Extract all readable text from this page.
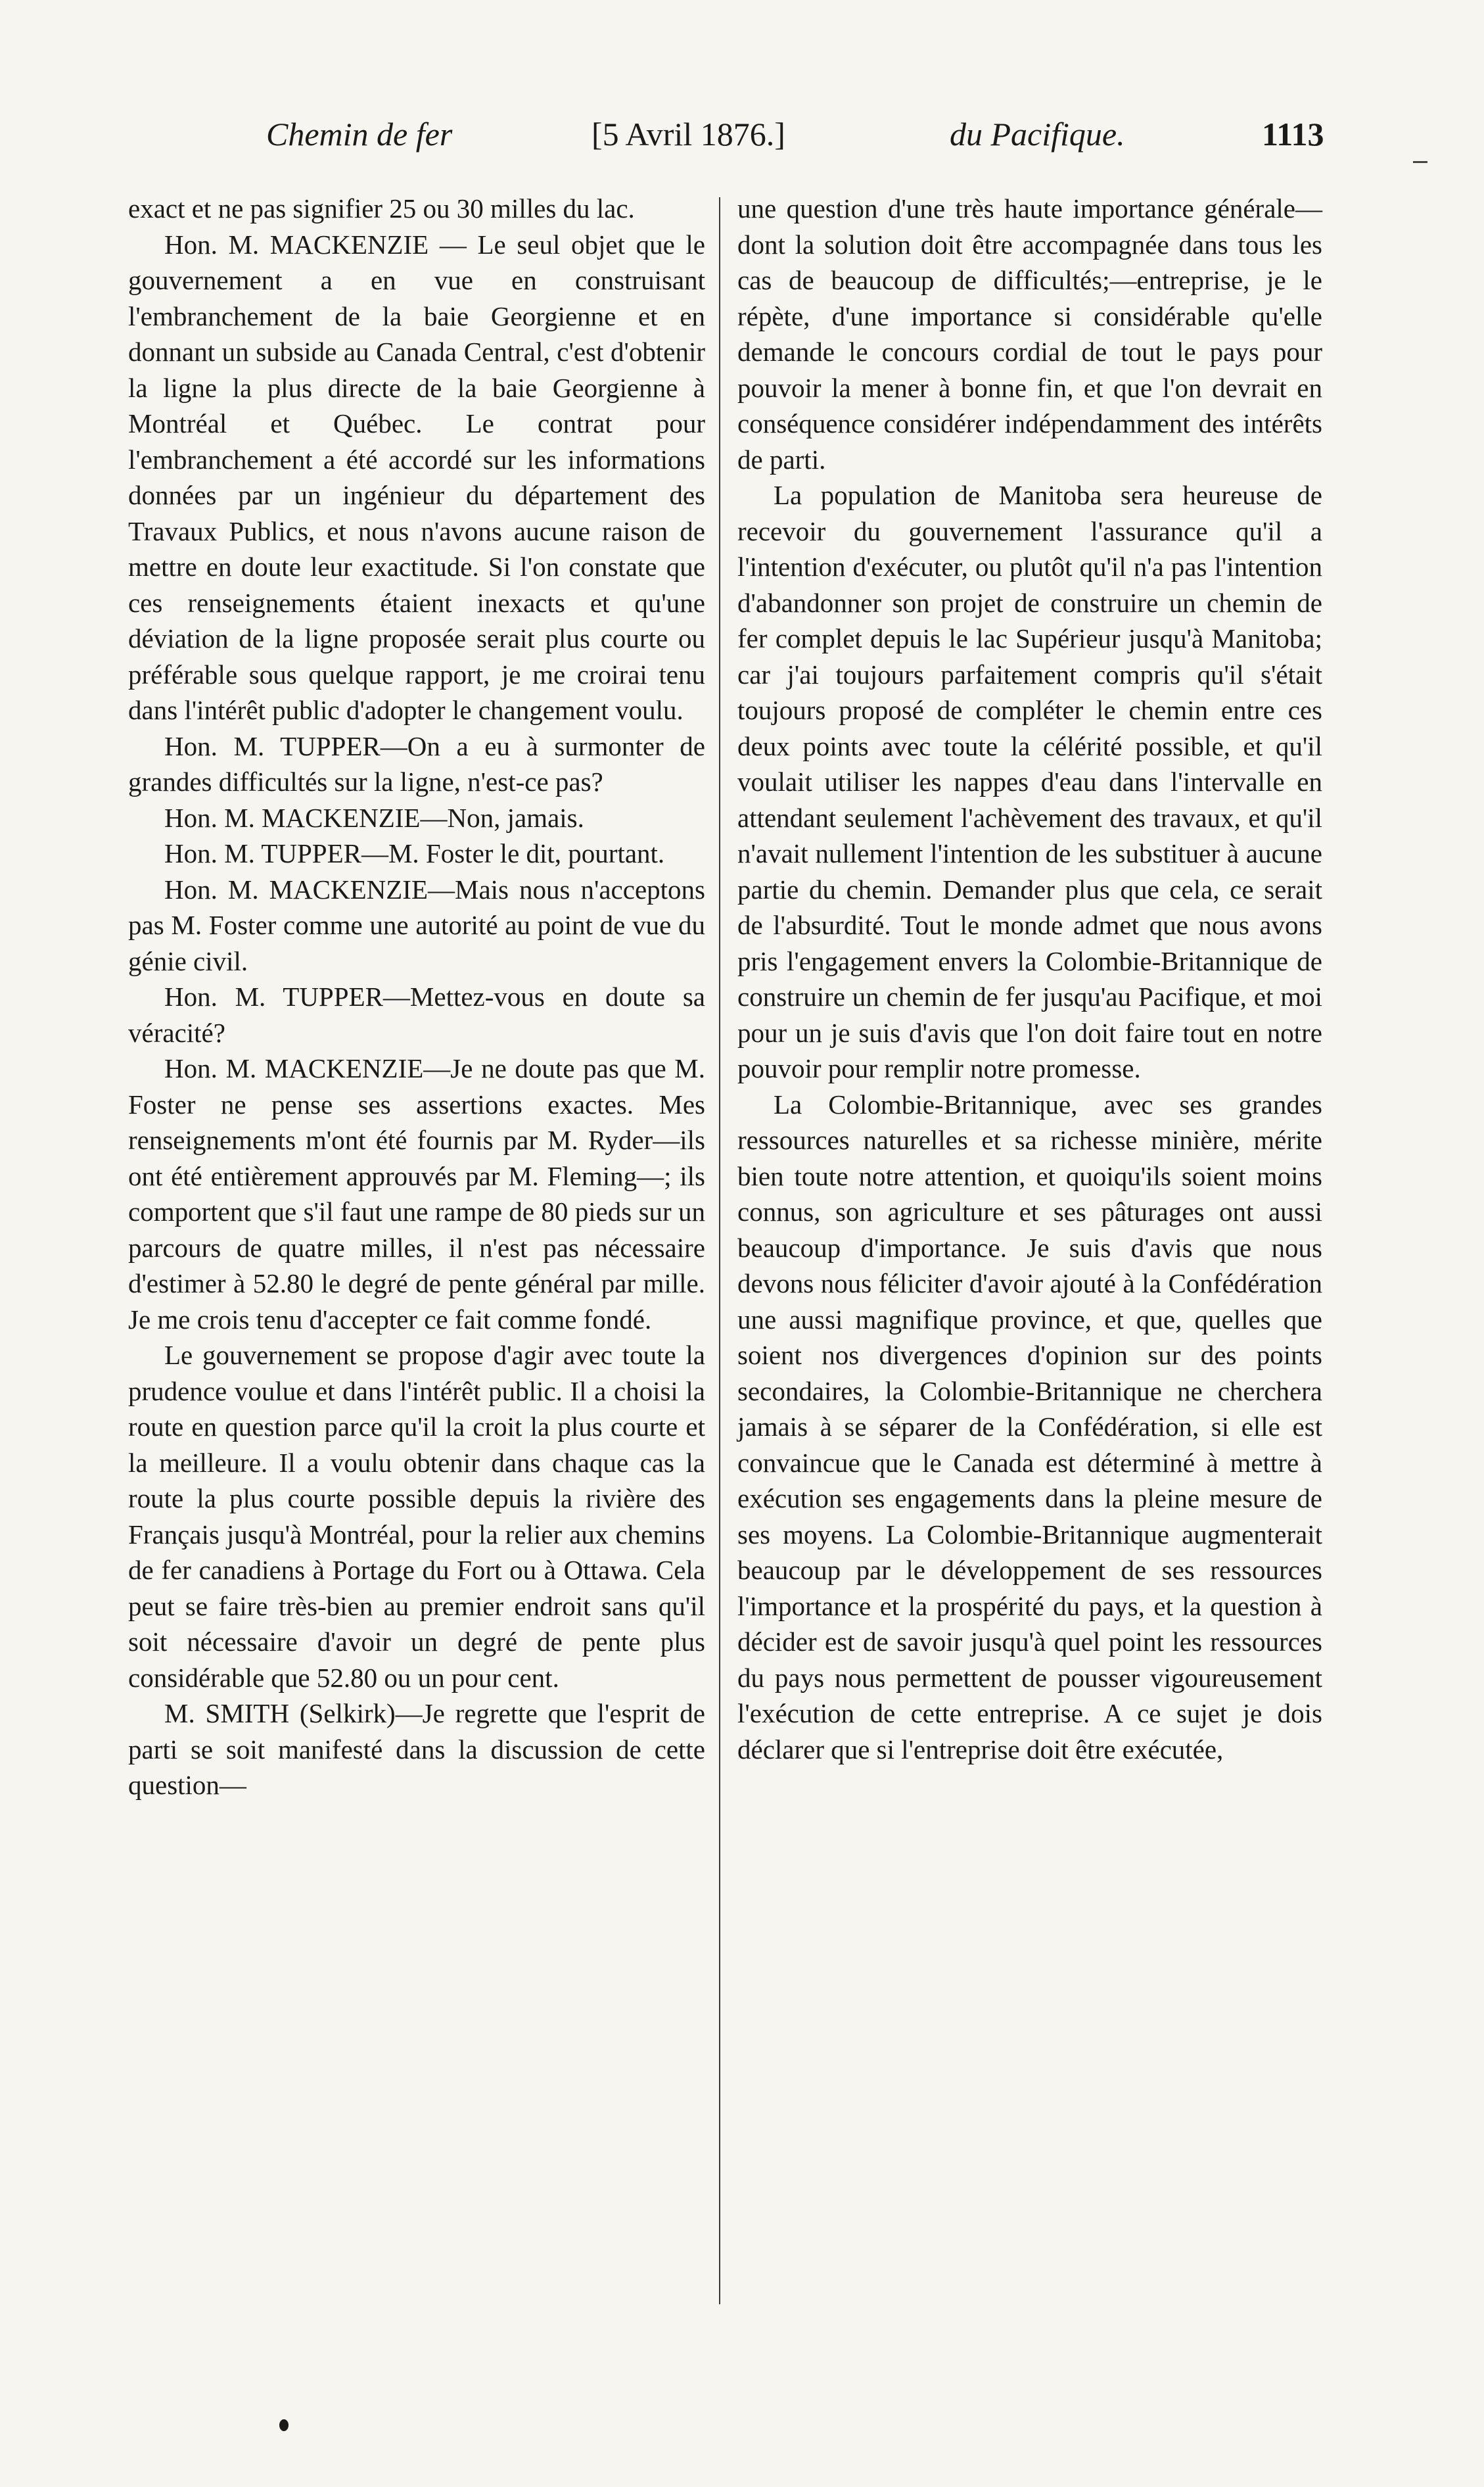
Chemin de fer	[5 Avril 1876.]	du Pacifique.	1113

exact et ne pas signifier 25 ou 30 milles du lac.

Hon. M. MACKENZIE — Le seul objet que le gouvernement a en vue en construisant l'embranchement de la baie Georgienne et en donnant un subside au Canada Central, c'est d'obtenir la ligne la plus directe de la baie Georgienne à Montréal et Québec. Le contrat pour l'embranchement a été accordé sur les informations données par un ingénieur du département des Travaux Publics, et nous n'avons aucune raison de mettre en doute leur exactitude. Si l'on constate que ces renseignements étaient inexacts et qu'une déviation de la ligne proposée serait plus courte ou préférable sous quelque rapport, je me croirai tenu dans l'intérêt public d'adopter le changement voulu.

Hon. M. TUPPER—On a eu à surmonter de grandes difficultés sur la ligne, n'est-ce pas?

Hon. M. MACKENZIE—Non, jamais.

Hon. M. TUPPER—M. Foster le dit, pourtant.

Hon. M. MACKENZIE—Mais nous n'acceptons pas M. Foster comme une autorité au point de vue du génie civil.

Hon. M. TUPPER—Mettez-vous en doute sa véracité?

Hon. M. MACKENZIE—Je ne doute pas que M. Foster ne pense ses assertions exactes. Mes renseignements m'ont été fournis par M. Ryder—ils ont été entièrement approuvés par M. Fleming—; ils comportent que s'il faut une rampe de 80 pieds sur un parcours de quatre milles, il n'est pas nécessaire d'estimer à 52.80 le degré de pente général par mille. Je me crois tenu d'accepter ce fait comme fondé.

Le gouvernement se propose d'agir avec toute la prudence voulue et dans l'intérêt public. Il a choisi la route en question parce qu'il la croit la plus courte et la meilleure. Il a voulu obtenir dans chaque cas la route la plus courte possible depuis la rivière des Français jusqu'à Montréal, pour la relier aux chemins de fer canadiens à Portage du Fort ou à Ottawa. Cela peut se faire très-bien au premier endroit sans qu'il soit nécessaire d'avoir un degré de pente plus considérable que 52.80 ou un pour cent.

M. SMITH (Selkirk)—Je regrette que l'esprit de parti se soit manifesté dans la discussion de cette question—

une question d'une très haute importance générale—dont la solution doit être accompagnée dans tous les cas de beaucoup de difficultés;—entreprise, je le répète, d'une importance si considérable qu'elle demande le concours cordial de tout le pays pour pouvoir la mener à bonne fin, et que l'on devrait en conséquence considérer indépendamment des intérêts de parti.

La population de Manitoba sera heureuse de recevoir du gouvernement l'assurance qu'il a l'intention d'exécuter, ou plutôt qu'il n'a pas l'intention d'abandonner son projet de construire un chemin de fer complet depuis le lac Supérieur jusqu'à Manitoba; car j'ai toujours parfaitement compris qu'il s'était toujours proposé de compléter le chemin entre ces deux points avec toute la célérité possible, et qu'il voulait utiliser les nappes d'eau dans l'intervalle en attendant seulement l'achèvement des travaux, et qu'il n'avait nullement l'intention de les substituer à aucune partie du chemin. Demander plus que cela, ce serait de l'absurdité. Tout le monde admet que nous avons pris l'engagement envers la Colombie-Britannique de construire un chemin de fer jusqu'au Pacifique, et moi pour un je suis d'avis que l'on doit faire tout en notre pouvoir pour remplir notre promesse.

La Colombie-Britannique, avec ses grandes ressources naturelles et sa richesse minière, mérite bien toute notre attention, et quoiqu'ils soient moins connus, son agriculture et ses pâturages ont aussi beaucoup d'importance. Je suis d'avis que nous devons nous féliciter d'avoir ajouté à la Confédération une aussi magnifique province, et que, quelles que soient nos divergences d'opinion sur des points secondaires, la Colombie-Britannique ne cherchera jamais à se séparer de la Confédération, si elle est convaincue que le Canada est déterminé à mettre à exécution ses engagements dans la pleine mesure de ses moyens. La Colombie-Britannique augmenterait beaucoup par le développement de ses ressources l'importance et la prospérité du pays, et la question à décider est de savoir jusqu'à quel point les ressources du pays nous permettent de pousser vigoureusement l'exécution de cette entreprise. A ce sujet je dois déclarer que si l'entreprise doit être exécutée,
